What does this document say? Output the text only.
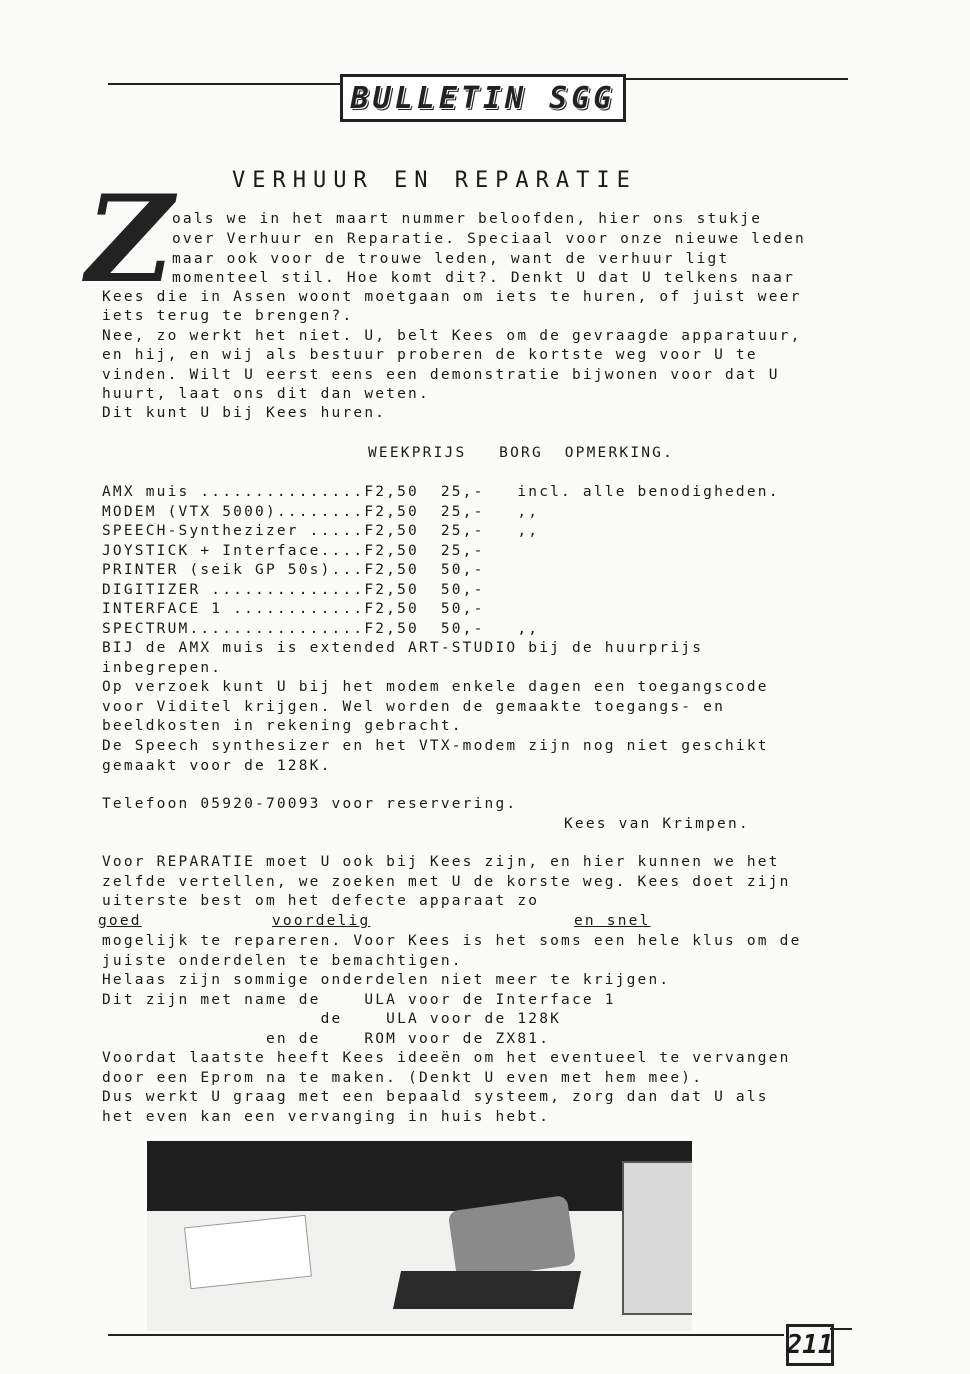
BULLETIN SGG
VERHUUR EN REPARATIE
Z
oals we in het maart nummer beloofden, hier ons stukje
over Verhuur en Reparatie. Speciaal voor onze nieuwe leden
maar ook voor de trouwe leden, want de verhuur ligt
momenteel stil. Hoe komt dit?. Denkt U dat U telkens naar
Kees die in Assen woont moetgaan om iets te huren, of juist weer
iets terug te brengen?.
Nee, zo werkt het niet. U, belt Kees om de gevraagde apparatuur,
en hij, en wij als bestuur proberen de kortste weg voor U te
vinden. Wilt U eerst eens een demonstratie bijwonen voor dat U
huurt, laat ons dit dan weten.
Dit kunt U bij Kees huren.
WEEKPRIJS   BORG  OPMERKING.
AMX muis ...............F2,50  25,-   incl. alle benodigheden.
MODEM (VTX 5000)........F2,50  25,-   ,,
SPEECH-Synthezizer .....F2,50  25,-   ,,
JOYSTICK + Interface....F2,50  25,-
PRINTER (seik GP 50s)...F2,50  50,-
DIGITIZER ..............F2,50  50,-
INTERFACE 1 ............F2,50  50,-
SPECTRUM................F2,50  50,-   ,,
BIJ de AMX muis is extended ART-STUDIO bij de huurprijs
inbegrepen.
Op verzoek kunt U bij het modem enkele dagen een toegangscode
voor Viditel krijgen. Wel worden de gemaakte toegangs- en
beeldkosten in rekening gebracht.
De Speech synthesizer en het VTX-modem zijn nog niet geschikt
gemaakt voor de 128K.
Telefoon 05920-70093 voor reservering.
Kees van Krimpen.
Voor REPARATIE moet U ook bij Kees zijn, en hier kunnen we het
zelfde vertellen, we zoeken met U de korste weg. Kees doet zijn
uiterste best om het defecte apparaat zo
goed	voordelig	en snel
mogelijk te repareren. Voor Kees is het soms een hele klus om de
juiste onderdelen te bemachtigen.
Helaas zijn sommige onderdelen niet meer te krijgen.
Dit zijn met name de    ULA voor de Interface 1
de    ULA voor de 128K
en de    ROM voor de ZX81.
Voordat laatste heeft Kees ideeën om het eventueel te vervangen
door een Eprom na te maken. (Denkt U even met hem mee).
Dus werkt U graag met een bepaald systeem, zorg dan dat U als
het even kan een vervanging in huis hebt.
211
